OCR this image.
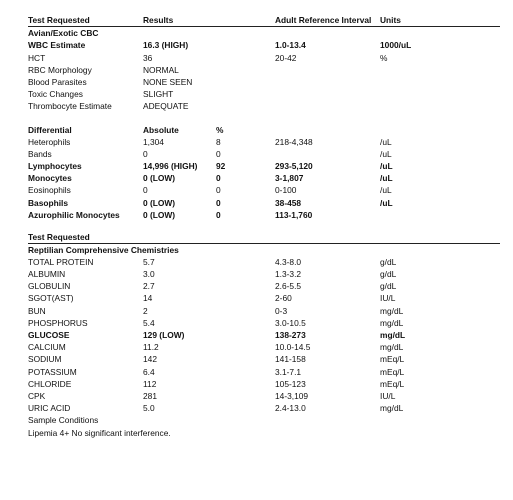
Test Requested	Results	Adult Reference Interval Units
Avian/Exotic CBC
WBC Estimate	16.3 (HIGH)	1.0-13.4	1000/uL
HCT	36	20-42	%
RBC Morphology	NORMAL
Blood Parasites	NONE SEEN
Toxic Changes	SLIGHT
Thrombocyte Estimate	ADEQUATE
Differential	Absolute	%
Heterophils	1,304	8	218-4,348	/uL
Bands	0	0	/uL
Lymphocytes	14,996 (HIGH) 92	293-5,120	/uL
Monocytes	0 (LOW)	0	3-1,807	/uL
Eosinophils	0	0	0-100	/uL
Basophils	0 (LOW)	0	38-458	/uL
Azurophilic Monocytes	0 (LOW)	0	113-1,760
Test Requested
Reptilian Comprehensive Chemistries
TOTAL PROTEIN	5.7	4.3-8.0	g/dL
ALBUMIN	3.0	1.3-3.2	g/dL
GLOBULIN	2.7	2.6-5.5	g/dL
SGOT(AST)	14	2-60	IU/L
BUN	2	0-3	mg/dL
PHOSPHORUS	5.4	3.0-10.5	mg/dL
GLUCOSE	129 (LOW)	138-273	mg/dL
CALCIUM	11.2	10.0-14.5	mg/dL
SODIUM	142	141-158	mEq/L
POTASSIUM	6.4	3.1-7.1	mEq/L
CHLORIDE	112	105-123	mEq/L
CPK	281	14-3,109	IU/L
URIC ACID	5.0	2.4-13.0	mg/dL
Sample Conditions
Lipemia 4+ No significant interference.
